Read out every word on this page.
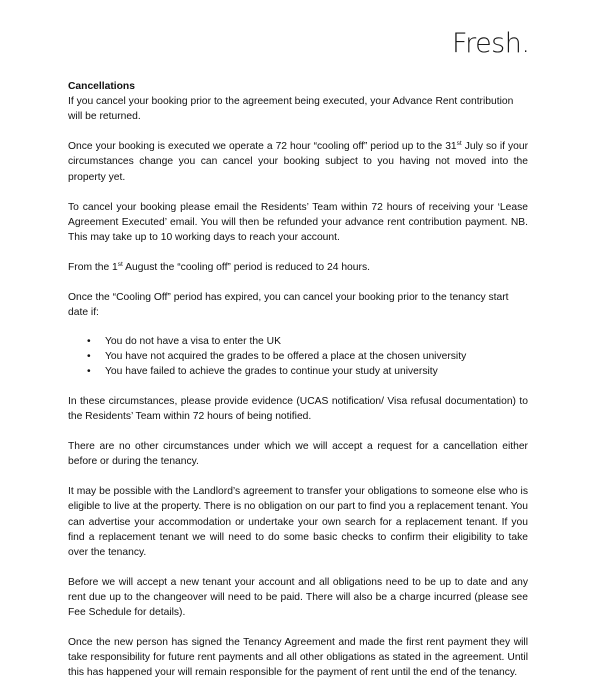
Fresh.
Cancellations

If you cancel your booking prior to the agreement being executed, your Advance Rent contribution will be returned.

Once your booking is executed we operate a 72 hour “cooling off” period up to the 31st July so if your circumstances change you can cancel your booking subject to you having not moved into the property yet.

To cancel your booking please email the Residents’ Team within 72 hours of receiving your ‘Lease Agreement Executed’ email. You will then be refunded your advance rent contribution payment. NB. This may take up to 10 working days to reach your account.

From the 1st August the “cooling off” period is reduced to 24 hours.

Once the “Cooling Off” period has expired, you can cancel your booking prior to the tenancy start date if:

• You do not have a visa to enter the UK
• You have not acquired the grades to be offered a place at the chosen university
• You have failed to achieve the grades to continue your study at university

In these circumstances, please provide evidence (UCAS notification/ Visa refusal documentation) to the Residents’ Team within 72 hours of being notified.

There are no other circumstances under which we will accept a request for a cancellation either before or during the tenancy.

It may be possible with the Landlord’s agreement to transfer your obligations to someone else who is eligible to live at the property. There is no obligation on our part to find you a replacement tenant. You can advertise your accommodation or undertake your own search for a replacement tenant. If you find a replacement tenant we will need to do some basic checks to confirm their eligibility to take over the tenancy.

Before we will accept a new tenant your account and all obligations need to be up to date and any rent due up to the changeover will need to be paid. There will also be a charge incurred (please see Fee Schedule for details).

Once the new person has signed the Tenancy Agreement and made the first rent payment they will take responsibility for future rent payments and all other obligations as stated in the agreement. Until this has happened your will remain responsible for the payment of rent until the end of the tenancy.
